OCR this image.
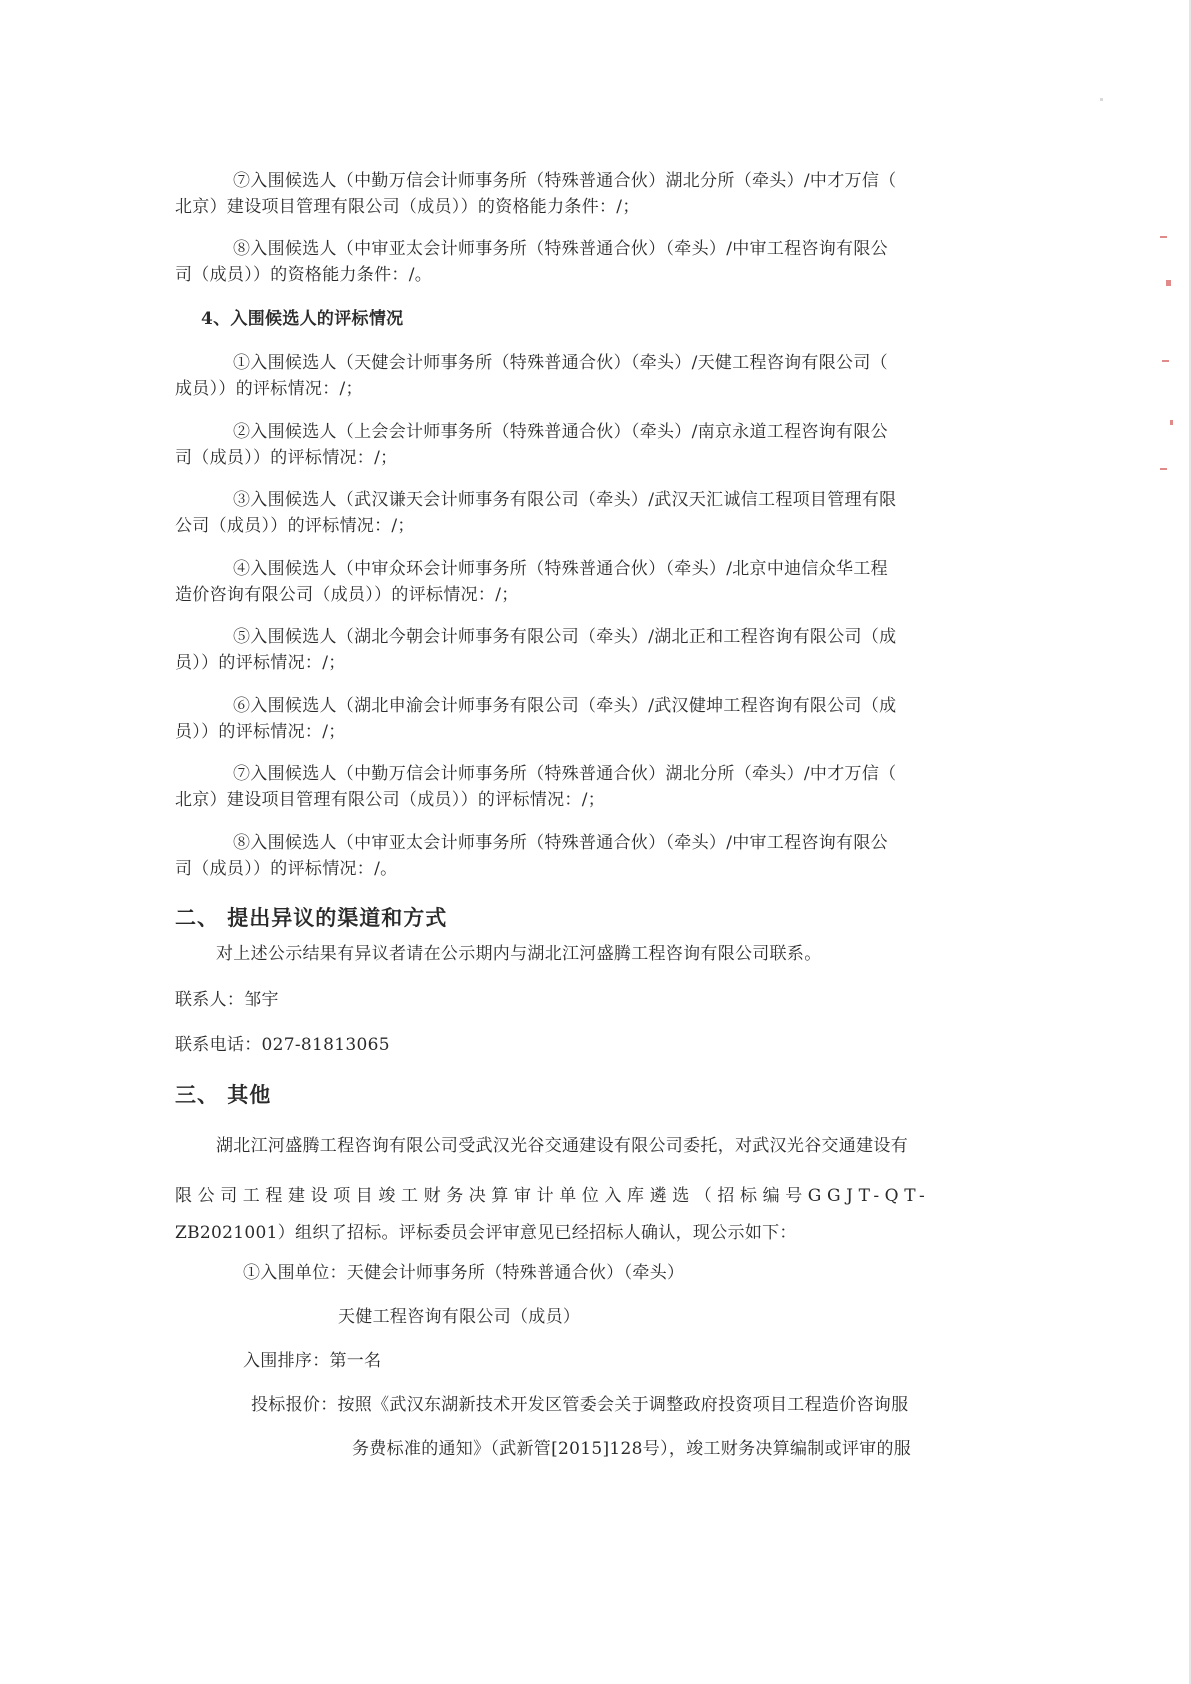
⑦入围候选人（中勤万信会计师事务所（特殊普通合伙）湖北分所（牵头）/中才万信（
北京）建设项目管理有限公司（成员））的资格能力条件：/；
⑧入围候选人（中审亚太会计师事务所（特殊普通合伙）（牵头）/中审工程咨询有限公
司（成员））的资格能力条件：/。
4、入围候选人的评标情况
①入围候选人（天健会计师事务所（特殊普通合伙）（牵头）/天健工程咨询有限公司（
成员））的评标情况：/；
②入围候选人（上会会计师事务所（特殊普通合伙）（牵头）/南京永道工程咨询有限公
司（成员））的评标情况：/；
③入围候选人（武汉谦天会计师事务有限公司（牵头）/武汉天汇诚信工程项目管理有限
公司（成员））的评标情况：/；
④入围候选人（中审众环会计师事务所（特殊普通合伙）（牵头）/北京中迪信众华工程
造价咨询有限公司（成员））的评标情况：/；
⑤入围候选人（湖北今朝会计师事务有限公司（牵头）/湖北正和工程咨询有限公司（成
员））的评标情况：/；
⑥入围候选人（湖北申渝会计师事务有限公司（牵头）/武汉健坤工程咨询有限公司（成
员））的评标情况：/；
⑦入围候选人（中勤万信会计师事务所（特殊普通合伙）湖北分所（牵头）/中才万信（
北京）建设项目管理有限公司（成员））的评标情况：/；
⑧入围候选人（中审亚太会计师事务所（特殊普通合伙）（牵头）/中审工程咨询有限公
司（成员））的评标情况：/。
二、 提出异议的渠道和方式
对上述公示结果有异议者请在公示期内与湖北江河盛腾工程咨询有限公司联系。
联系人：邹宇
联系电话：027-81813065
三、 其他
湖北江河盛腾工程咨询有限公司受武汉光谷交通建设有限公司委托，对武汉光谷交通建设有
限公司工程建设项目竣工财务决算审计单位入库遴选（招标编号GGJT-QT-
ZB2021001）组织了招标。评标委员会评审意见已经招标人确认，现公示如下：
①入围单位：天健会计师事务所（特殊普通合伙）（牵头）
天健工程咨询有限公司（成员）
入围排序：第一名
投标报价：按照《武汉东湖新技术开发区管委会关于调整政府投资项目工程造价咨询服
务费标准的通知》（武新管[2015]128号），竣工财务决算编制或评审的服
